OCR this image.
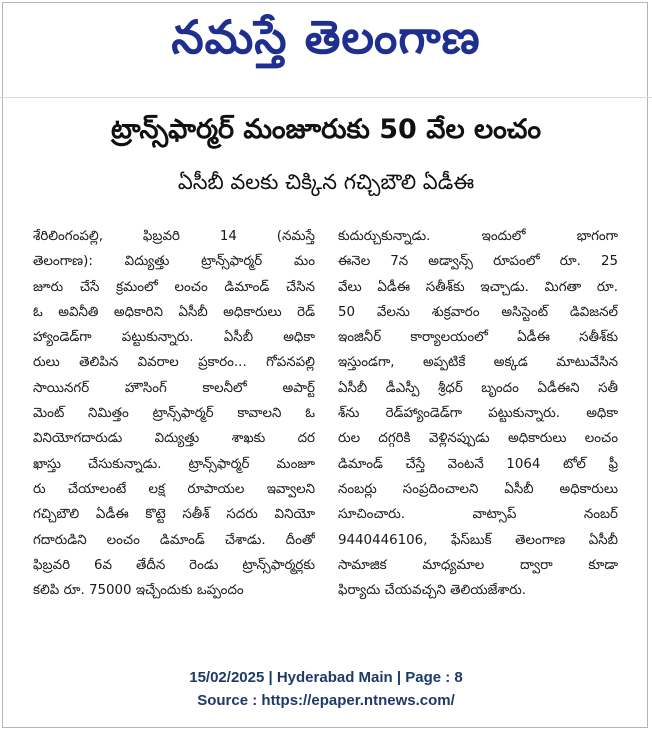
నమస్తే తెలంగాణ
ట్రాన్స్‌ఫార్మర్ మంజూరుకు 50 వేల లంచం
ఏసీబీ వలకు చిక్కిన గచ్చిబౌలి ఏడీఈ
శేరిలింగంపల్లి, ఫిబ్రవరి 14 (నమస్తే
తెలంగాణ): విద్యుత్తు ట్రాన్స్‌ఫార్మర్ మం
జూరు చేసే క్రమంలో లంచం డిమాండ్ చేసిన
ఓ అవినీతి అధికారిని ఏసీబీ అధికారులు రెడ్
హ్యాండెడ్‌గా పట్టుకున్నారు. ఏసీబీ అధికా
రులు తెలిపిన వివరాల ప్రకారం... గోపనపల్లి
సాయినగర్ హౌసింగ్ కాలనీలో అపార్ట్
మెంట్ నిమిత్తం ట్రాన్స్‌ఫార్మర్ కావాలని ఓ
వినియోగదారుడు విద్యుత్తు శాఖకు దర
ఖాస్తు చేసుకున్నాడు. ట్రాన్స్‌ఫార్మర్ మంజూ
రు చేయాలంటే లక్ష రూపాయల ఇవ్వాలని
గచ్చిబౌలి ఏడీఈ కొట్టె సతీశ్ సదరు వినియో
గదారుడిని లంచం డిమాండ్ చేశాడు. దీంతో
ఫిబ్రవరి 6వ తేదీన రెండు ట్రాన్స్‌ఫార్మర్లకు
కలిపి రూ. 75000 ఇచ్చేందుకు ఒప్పందం
కుదుర్చుకున్నాడు. ఇందులో భాగంగా
ఈనెల 7న అడ్వాన్స్ రూపంలో రూ. 25
వేలు ఏడీఈ సతీశ్‌కు ఇచ్చాడు. మిగతా రూ.
50 వేలను శుక్రవారం అసిస్టెంట్ డివిజనల్
ఇంజినీర్ కార్యాలయంలో ఏడీఈ సతీశ్‌కు
ఇస్తుండగా, అప్పటికే అక్కడ మాటువేసిన
ఏసీబీ డీఎస్పీ శ్రీధర్ బృందం ఏడీఈని సతీ
శ్‌ను రెడ్‌హ్యాండెడ్‌గా పట్టుకున్నారు. అధికా
రుల దగ్గరికి వెళ్లినప్పుడు అధికారులు లంచం
డిమాండ్ చేస్తే వెంటనే 1064 టోల్ ఫ్రీ
నంబర్లు సంప్రదించాలని ఏసీబీ అధికారులు
సూచించారు. వాట్సాప్ నంబర్
9440446106, ఫేస్‌బుక్ తెలంగాణ ఏసీబీ
సామాజిక మాధ్యమాల ద్వారా కూడా
ఫిర్యాదు చేయవచ్చని తెలియజేశారు.
15/02/2025 | Hyderabad Main | Page : 8
Source : https://epaper.ntnews.com/
